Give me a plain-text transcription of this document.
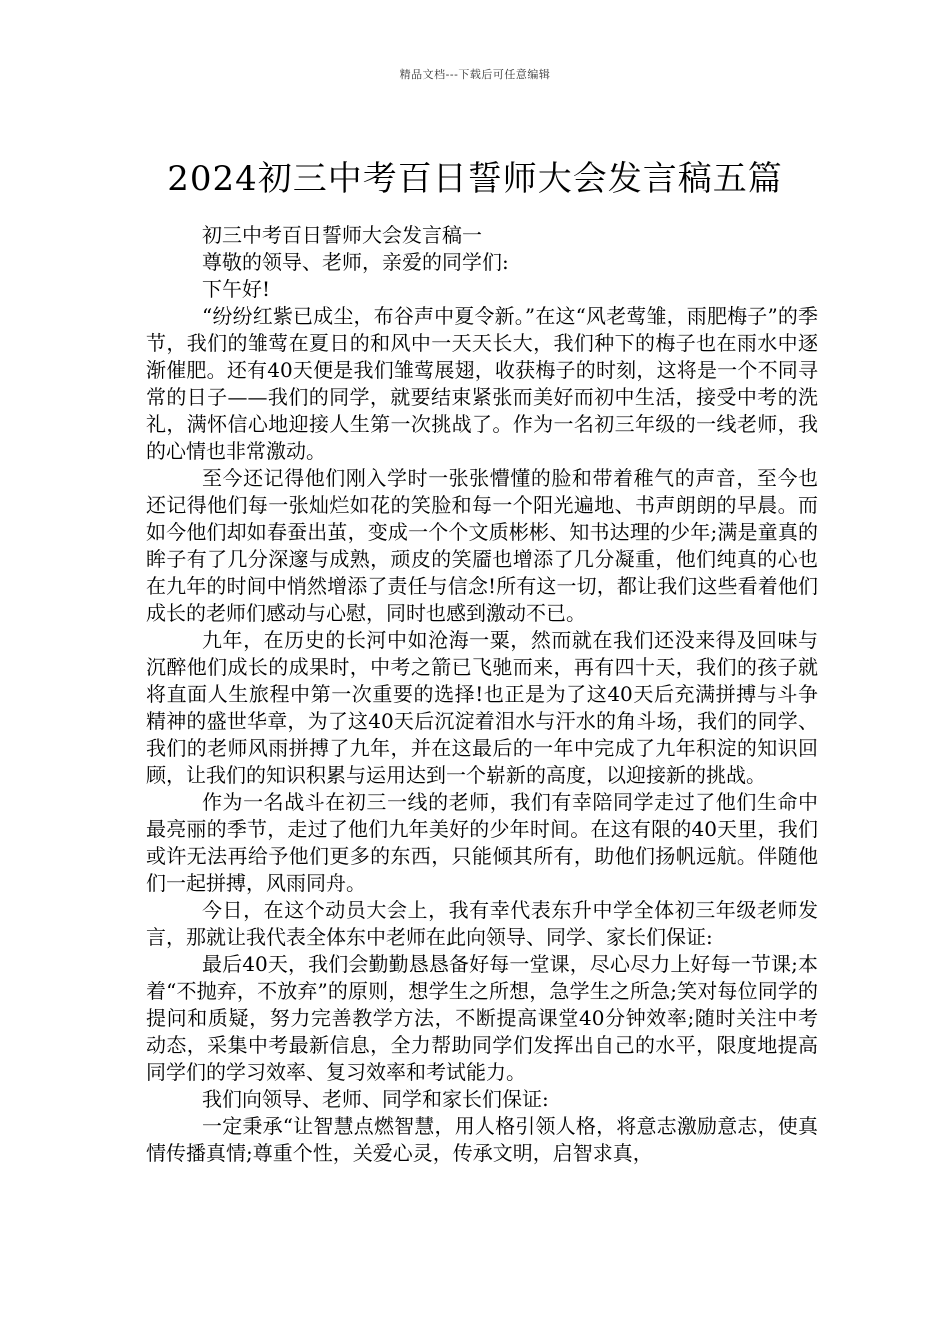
精品文档---下载后可任意编辑
2024初三中考百日誓师大会发言稿五篇

初三中考百日誓师大会发言稿一

尊敬的领导、老师，亲爱的同学们:

下午好!

“纷纷红紫已成尘，布谷声中夏令新。”在这“风老莺雏，雨肥梅子”的季节，我们的雏莺在夏日的和风中一天天长大，我们种下的梅子也在雨水中逐渐催肥。还有40天便是我们雏莺展翅，收获梅子的时刻，这将是一个不同寻常的日子——我们的同学，就要结束紧张而美好而初中生活，接受中考的洗礼，满怀信心地迎接人生第一次挑战了。作为一名初三年级的一线老师，我的心情也非常激动。

至今还记得他们刚入学时一张张懵懂的脸和带着稚气的声音，至今也还记得他们每一张灿烂如花的笑脸和每一个阳光遍地、书声朗朗的早晨。而如今他们却如春蚕出茧，变成一个个文质彬彬、知书达理的少年;满是童真的眸子有了几分深邃与成熟，顽皮的笑靥也增添了几分凝重，他们纯真的心也在九年的时间中悄然增添了责任与信念!所有这一切，都让我们这些看着他们成长的老师们感动与心慰，同时也感到激动不已。

九年，在历史的长河中如沧海一粟，然而就在我们还没来得及回味与沉醉他们成长的成果时，中考之箭已飞驰而来，再有四十天，我们的孩子就将直面人生旅程中第一次重要的选择!也正是为了这40天后充满拼搏与斗争精神的盛世华章，为了这40天后沉淀着泪水与汗水的角斗场，我们的同学、我们的老师风雨拼搏了九年，并在这最后的一年中完成了九年积淀的知识回顾，让我们的知识积累与运用达到一个崭新的高度，以迎接新的挑战。

作为一名战斗在初三一线的老师，我们有幸陪同学走过了他们生命中最亮丽的季节，走过了他们九年美好的少年时间。在这有限的40天里，我们或许无法再给予他们更多的东西，只能倾其所有，助他们扬帆远航。伴随他们一起拼搏，风雨同舟。

今日，在这个动员大会上，我有幸代表东升中学全体初三年级老师发言，那就让我代表全体东中老师在此向领导、同学、家长们保证:

最后40天，我们会勤勤恳恳备好每一堂课，尽心尽力上好每一节课;本着“不抛弃，不放弃”的原则，想学生之所想，急学生之所急;笑对每位同学的提问和质疑，努力完善教学方法，不断提高课堂40分钟效率;随时关注中考动态，采集中考最新信息，全力帮助同学们发挥出自己的水平，限度地提高同学们的学习效率、复习效率和考试能力。

我们向领导、老师、同学和家长们保证:

一定秉承“让智慧点燃智慧，用人格引领人格，将意志激励意志，使真情传播真情;尊重个性，关爱心灵，传承文明，启智求真，
